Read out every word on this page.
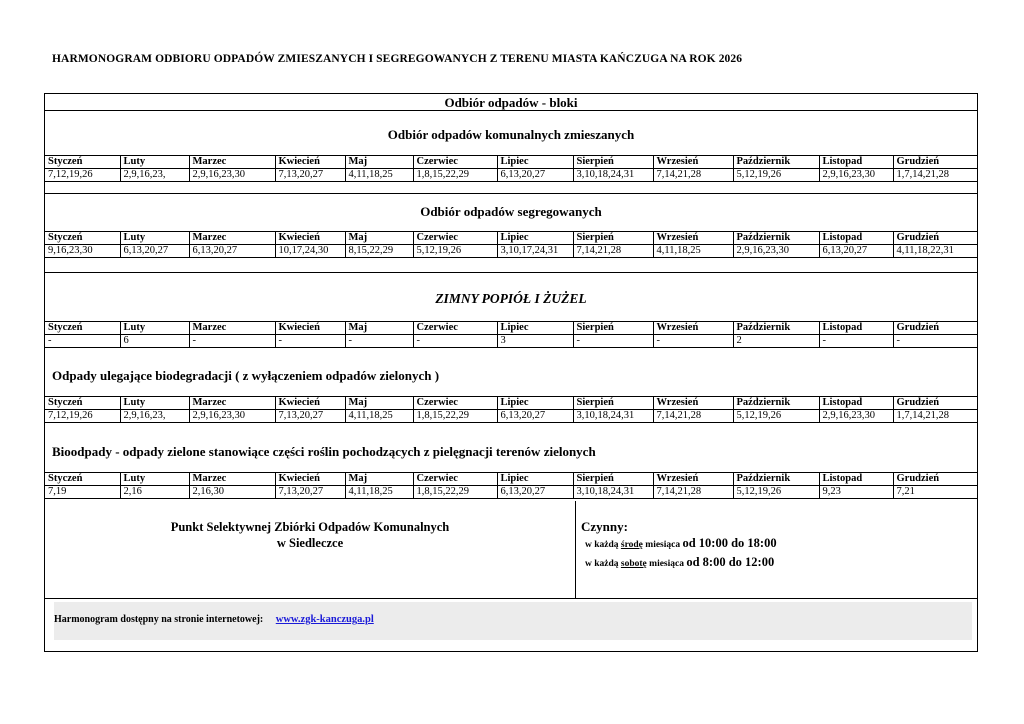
HARMONOGRAM ODBIORU ODPADÓW ZMIESZANYCH I SEGREGOWANYCH Z TERENU MIASTA KAŃCZUGA NA ROK 2026
Odbiór odpadów - bloki
Odbiór odpadów komunalnych zmieszanych
Styczeń	Luty	Marzec	Kwiecień	Maj	Czerwiec	Lipiec	Sierpień	Wrzesień	Październik	Listopad	Grudzień
7,12,19,26	2,9,16,23,	2,9,16,23,30	7,13,20,27	4,11,18,25	1,8,15,22,29	6,13,20,27	3,10,18,24,31	7,14,21,28	5,12,19,26	2,9,16,23,30	1,7,14,21,28
Odbiór odpadów segregowanych
Styczeń	Luty	Marzec	Kwiecień	Maj	Czerwiec	Lipiec	Sierpień	Wrzesień	Październik	Listopad	Grudzień
9,16,23,30	6,13,20,27	6,13,20,27	10,17,24,30	8,15,22,29	5,12,19,26	3,10,17,24,31	7,14,21,28	4,11,18,25	2,9,16,23,30	6,13,20,27	4,11,18,22,31
ZIMNY POPIÓŁ I ŻUŻEL
Styczeń	Luty	Marzec	Kwiecień	Maj	Czerwiec	Lipiec	Sierpień	Wrzesień	Październik	Listopad	Grudzień
-	6	-	-	-	-	3	-	-	2	-	-
Odpady ulegające biodegradacji ( z wyłączeniem odpadów zielonych )
Styczeń	Luty	Marzec	Kwiecień	Maj	Czerwiec	Lipiec	Sierpień	Wrzesień	Październik	Listopad	Grudzień
7,12,19,26	2,9,16,23,	2,9,16,23,30	7,13,20,27	4,11,18,25	1,8,15,22,29	6,13,20,27	3,10,18,24,31	7,14,21,28	5,12,19,26	2,9,16,23,30	1,7,14,21,28
Bioodpady - odpady zielone stanowiące części roślin pochodzących z pielęgnacji terenów zielonych
Styczeń	Luty	Marzec	Kwiecień	Maj	Czerwiec	Lipiec	Sierpień	Wrzesień	Październik	Listopad	Grudzień
7,19	2,16	2,16,30	7,13,20,27	4,11,18,25	1,8,15,22,29	6,13,20,27	3,10,18,24,31	7,14,21,28	5,12,19,26	9,23	7,21
Punkt Selektywnej Zbiórki Odpadów Komunalnych
w Siedleczce
Czynny:
w każdą środę miesiąca od 10:00 do 18:00
w każdą sobotę miesiąca od 8:00 do 12:00
Harmonogram dostępny na stronie internetowej: www.zgk-kanczuga.pl
